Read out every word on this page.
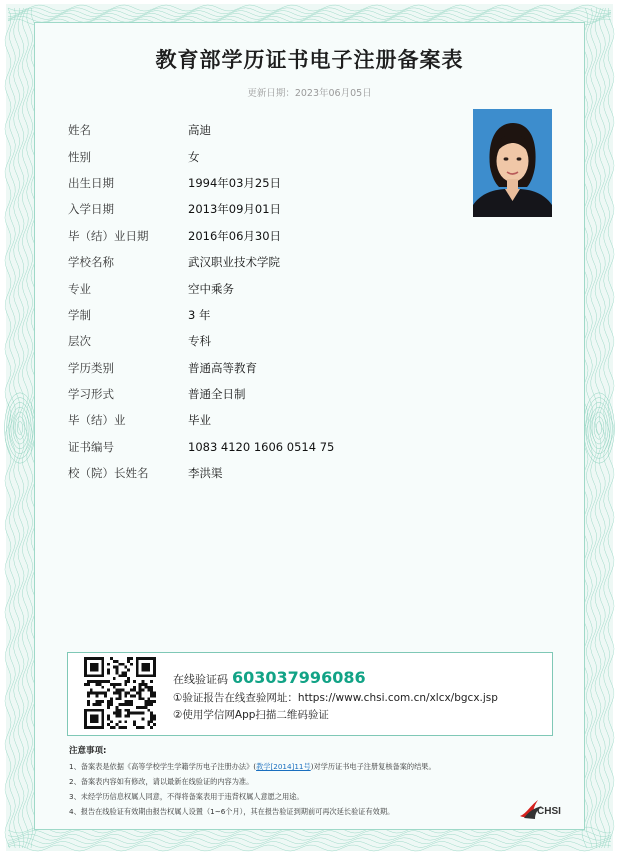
教育部学历证书电子注册备案表
更新日期：2023年06月05日
姓名	高迪
性别	女
出生日期	1994年03月25日
入学日期	2013年09月01日
毕（结）业日期	2016年06月30日
学校名称	武汉职业技术学院
专业	空中乘务
学制	3 年
层次	专科
学历类别	普通高等教育
学习形式	普通全日制
毕（结）业	毕业
证书编号	1083 4120 1606 0514 75
校（院）长姓名	李洪渠
在线验证码 603037996086
①验证报告在线查验网址：https://www.chsi.com.cn/xlcx/bgcx.jsp
②使用学信网App扫描二维码验证
注意事项:
1、备案表是依据《高等学校学生学籍学历电子注册办法》(教学[2014]11号)对学历证书电子注册复核备案的结果。
2、备案表内容如有修改，请以最新在线验证的内容为准。
3、未经学历信息权属人同意，不得将备案表用于违背权属人意愿之用途。
4、报告在线验证有效期由报告权属人设置（1~6个月），其在报告验证到期前可再次延长验证有效期。	CHSI
